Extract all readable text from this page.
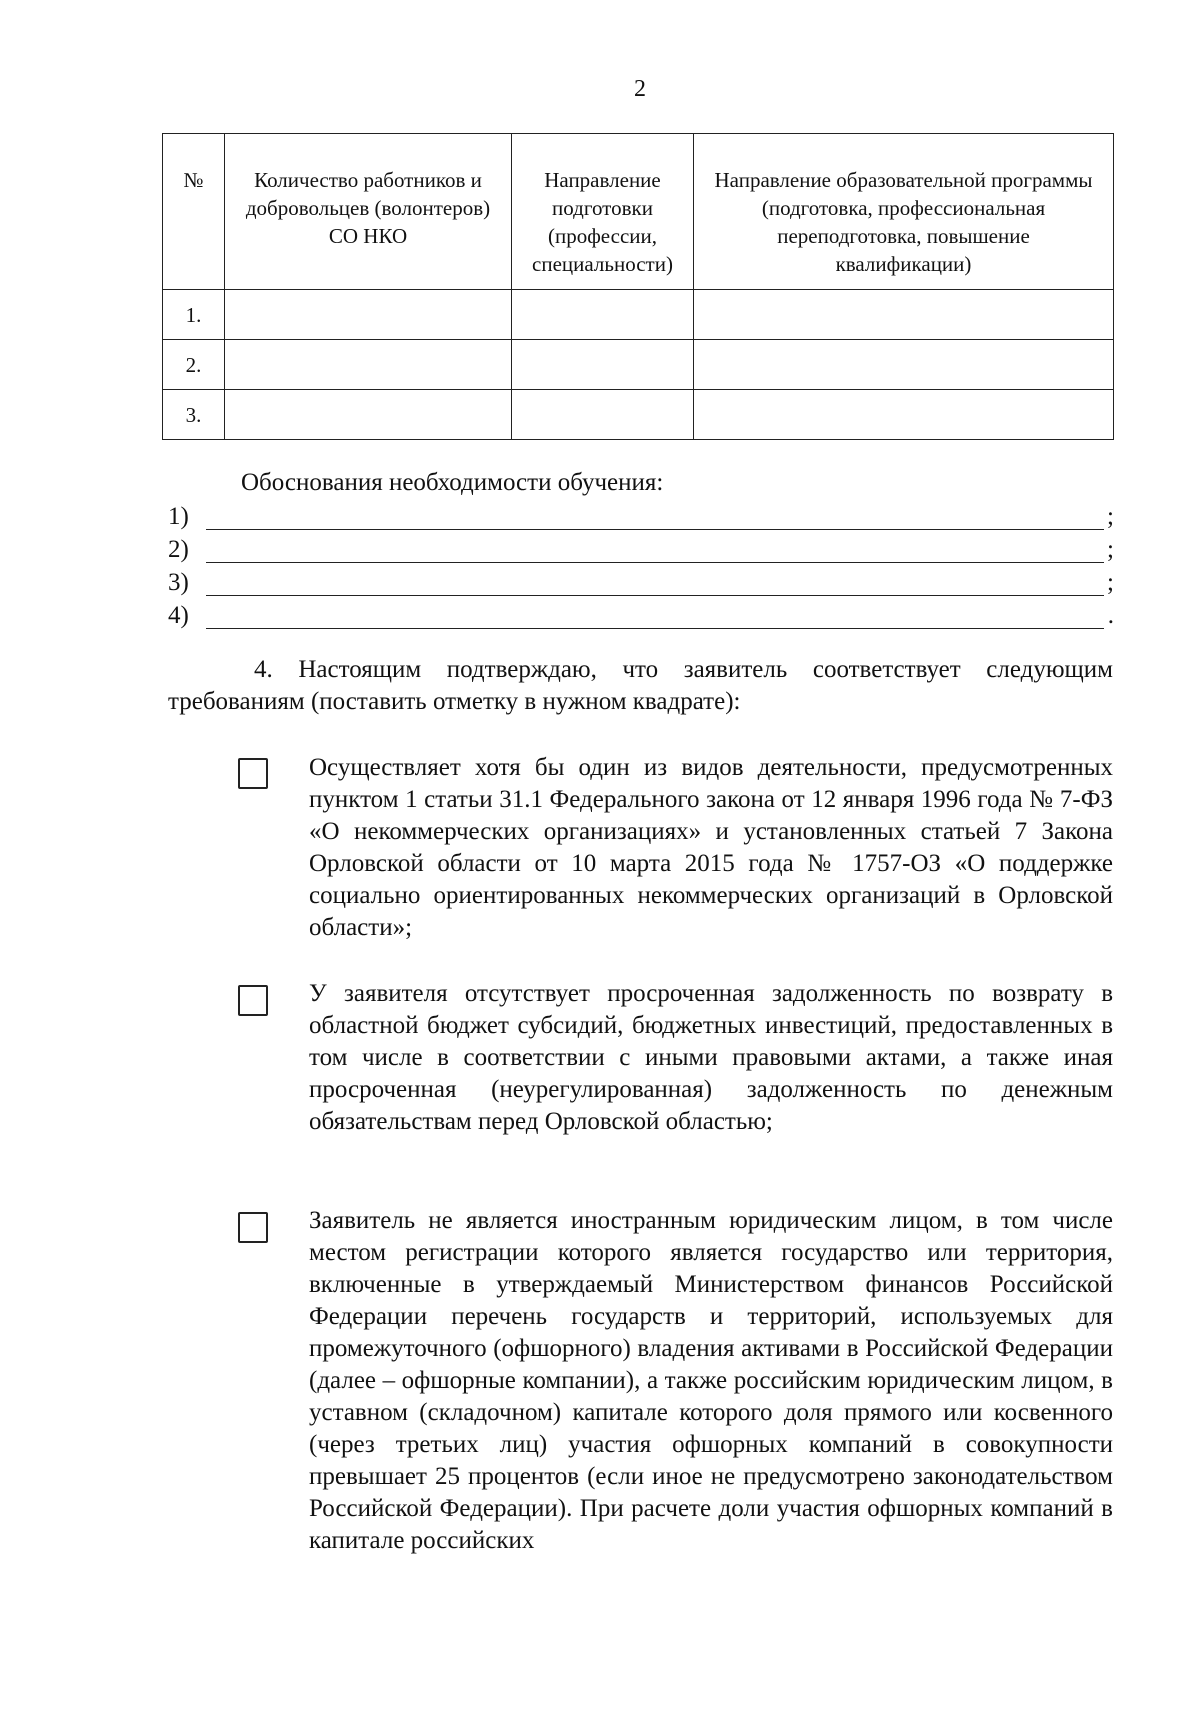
2
№	Количество работников и добровольцев (волонтеров) СО НКО	Направление подготовки (профессии, специальности)	Направление образовательной программы (подготовка, профессиональная переподготовка, повышение квалификации)
1.			
2.			
3.			
Обоснования необходимости обучения:
1)	;
2)	;
3)	;
4)	.
4. Настоящим подтверждаю, что заявитель соответствует следующим требованиям (поставить отметку в нужном квадрате):
Осуществляет хотя бы один из видов деятельности, предусмотренных пунктом 1 статьи 31.1 Федерального закона от 12 января 1996 года № 7-ФЗ «О некоммерческих организациях» и установленных статьей 7 Закона Орловской области от 10 марта 2015 года № 1757-ОЗ «О поддержке социально ориентированных некоммерческих организаций в Орловской области»;
У заявителя отсутствует просроченная задолженность по возврату в областной бюджет субсидий, бюджетных инвестиций, предоставленных в том числе в соответствии с иными правовыми актами, а также иная просроченная (неурегулированная) задолженность по денежным обязательствам перед Орловской областью;
Заявитель не является иностранным юридическим лицом, в том числе местом регистрации которого является государство или территория, включенные в утверждаемый Министерством финансов Российской Федерации перечень государств и территорий, используемых для промежуточного (офшорного) владения активами в Российской Федерации (далее – офшорные компании), а также российским юридическим лицом, в уставном (складочном) капитале которого доля прямого или косвенного (через третьих лиц) участия офшорных компаний в совокупности превышает 25 процентов (если иное не предусмотрено законодательством Российской Федерации). При расчете доли участия офшорных компаний в капитале российских
